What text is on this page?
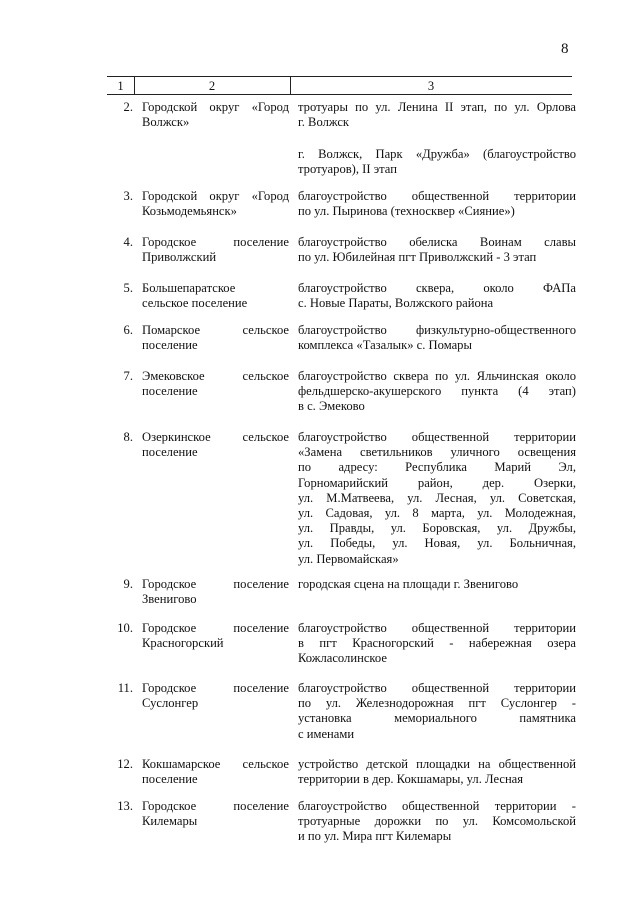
8
1	2	3
2. Городской округ «Город
Волжск»
тротуары по ул. Ленина II этап, по ул. Орлова
г. Волжск
г. Волжск, Парк «Дружба» (благоустройство
тротуаров), II этап
3. Городской округ «Город
Козьмодемьянск»
благоустройство общественной территории
по ул. Пыринова (техносквер «Сияние»)
4. Городское поселение
Приволжский
благоустройство обелиска Воинам славы
по ул. Юбилейная пгт Приволжский - 3 этап
5. Большепаратское
сельское поселение
благоустройство сквера, около ФАПа
с. Новые Параты, Волжского района
6. Помарское сельское
поселение
благоустройство физкультурно-общественного
комплекса «Тазалык» с. Помары
7. Эмековское сельское
поселение
благоустройство сквера по ул. Яльчинская около
фельдшерско-акушерского пункта (4 этап)
в с. Эмеково
8. Озеркинское сельское
поселение
благоустройство общественной территории
«Замена светильников уличного освещения
по адресу: Республика Марий Эл,
Горномарийский район, дер. Озерки,
ул. М.Матвеева, ул. Лесная, ул. Советская,
ул. Садовая, ул. 8 марта, ул. Молодежная,
ул. Правды, ул. Боровская, ул. Дружбы,
ул. Победы, ул. Новая, ул. Больничная,
ул. Первомайская»
9. Городское поселение
Звенигово
городская сцена на площади г. Звенигово
10. Городское поселение
Красногорский
благоустройство общественной территории
в пгт Красногорский - набережная озера
Кожласолинское
11. Городское поселение
Суслонгер
благоустройство общественной территории
по ул. Железнодорожная пгт Суслонгер -
установка мемориального памятника
с именами
12. Кокшамарское сельское
поселение
устройство детской площадки на общественной
территории в дер. Кокшамары, ул. Лесная
13. Городское поселение
Килемары
благоустройство общественной территории -
тротуарные дорожки по ул. Комсомольской
и по ул. Мира пгт Килемары
